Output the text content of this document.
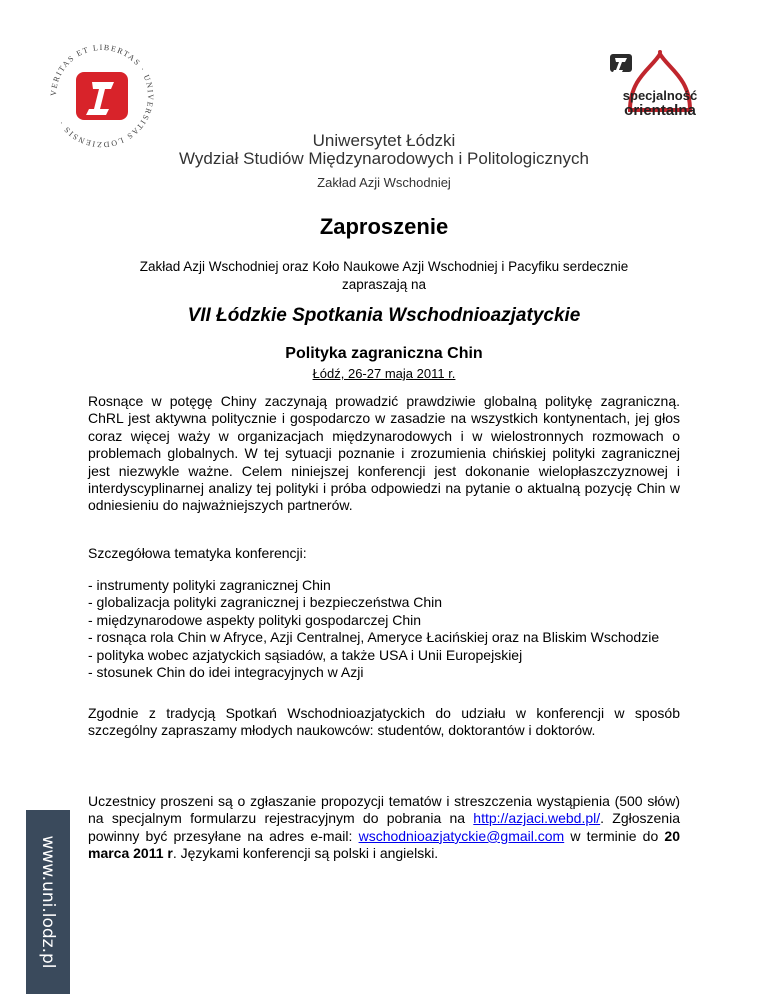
VERITAS ET LIBERTAS · UNIVERSITAS LODZIENSIS ·
specjalność
orientalna
Uniwersytet Łódzki
Wydział Studiów Międzynarodowych i Politologicznych
Zakład Azji Wschodniej
Zaproszenie
Zakład Azji Wschodniej oraz Koło Naukowe Azji Wschodniej i Pacyfiku serdecznie
zapraszają na
VII Łódzkie Spotkania Wschodnioazjatyckie
Polityka zagraniczna Chin
Łódź, 26-27 maja 2011 r.
Rosnące w potęgę Chiny zaczynają prowadzić prawdziwie globalną politykę zagraniczną. ChRL jest aktywna politycznie i gospodarczo w zasadzie na wszystkich kontynentach, jej głos coraz więcej waży w organizacjach międzynarodowych i w wielostronnych rozmowach o problemach globalnych. W tej sytuacji poznanie i zrozumienia chińskiej polityki zagranicznej jest niezwykle ważne. Celem niniejszej konferencji jest dokonanie wielopłaszczyznowej i interdyscyplinarnej analizy tej polityki i próba odpowiedzi na pytanie o aktualną pozycję Chin w odniesieniu do najważniejszych partnerów.
Szczegółowa tematyka konferencji:
- instrumenty polityki zagranicznej Chin
- globalizacja polityki zagranicznej i bezpieczeństwa Chin
- międzynarodowe aspekty polityki gospodarczej Chin
- rosnąca rola Chin w Afryce, Azji Centralnej, Ameryce Łacińskiej oraz na Bliskim Wschodzie
- polityka wobec azjatyckich sąsiadów, a także USA i Unii Europejskiej
- stosunek Chin do idei integracyjnych w Azji
Zgodnie z tradycją Spotkań Wschodnioazjatyckich do udziału w konferencji w sposób szczególny zapraszamy młodych naukowców: studentów, doktorantów i doktorów.
Uczestnicy proszeni są o zgłaszanie propozycji tematów i streszczenia wystąpienia (500 słów) na specjalnym formularzu rejestracyjnym do pobrania na http://azjaci.webd.pl/. Zgłoszenia powinny być przesyłane na adres e-mail: wschodnioazjatyckie@gmail.com w terminie do 20 marca 2011 r. Językami konferencji są polski i angielski.
www.uni.lodz.pl
